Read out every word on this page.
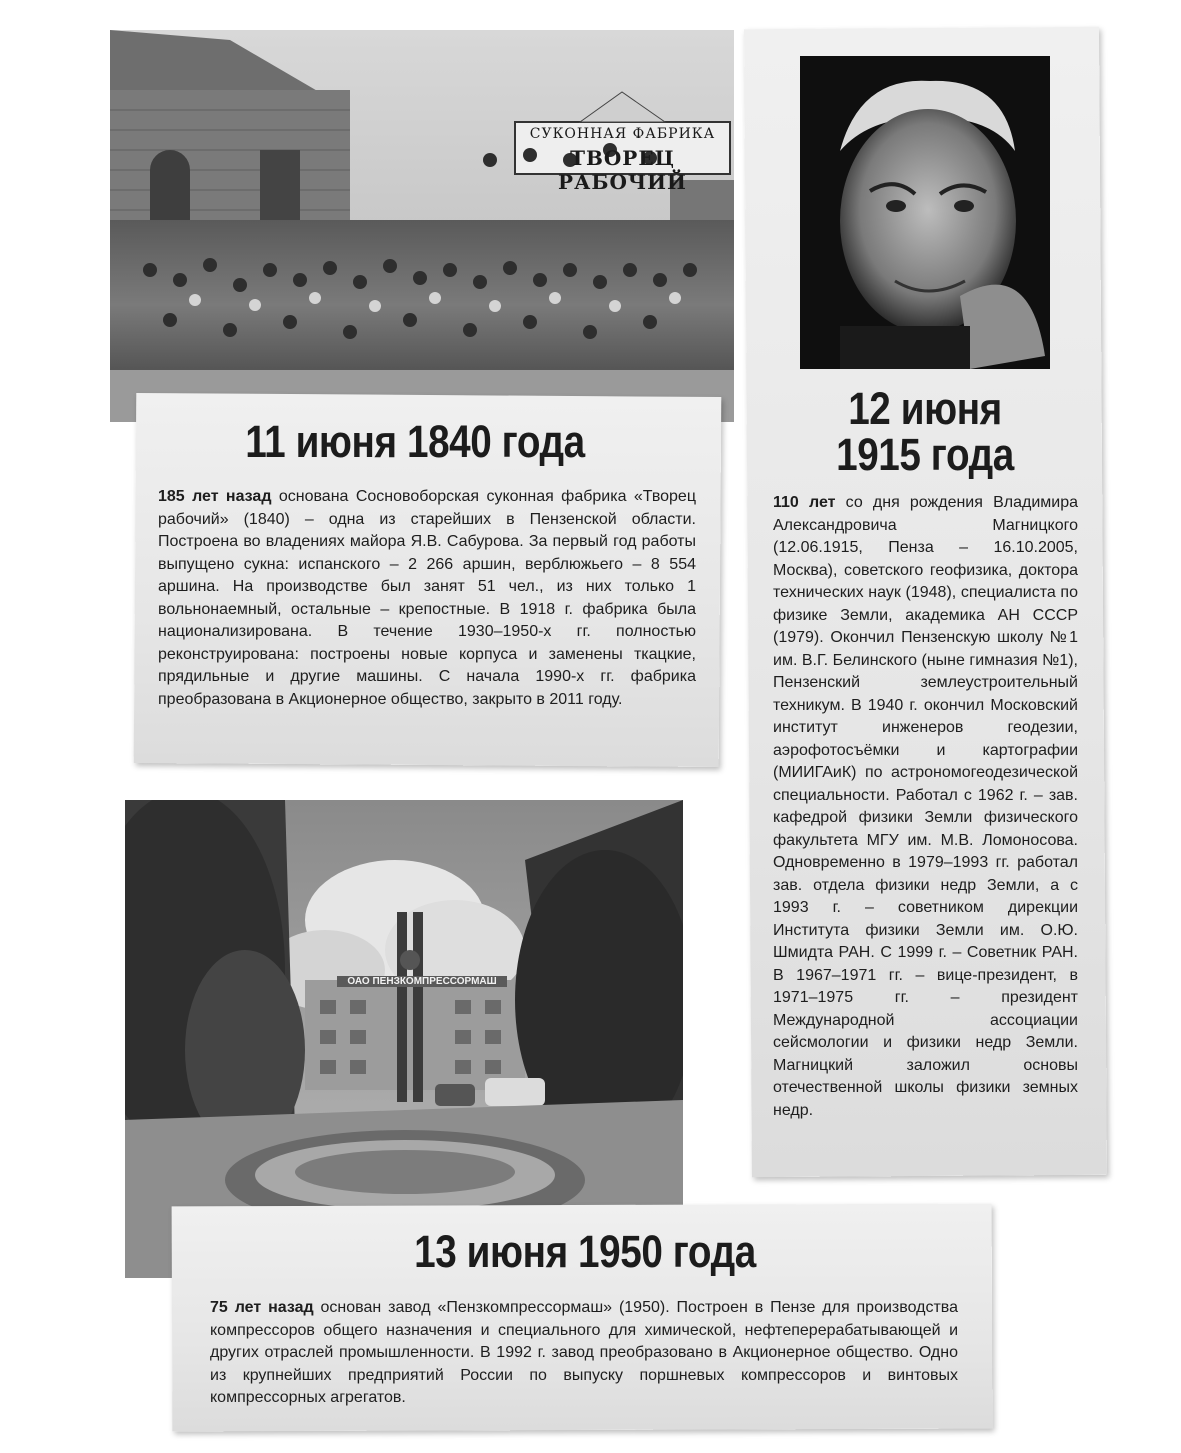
СУКОННАЯ ФАБРИКА
ТВОРЕЦ РАБОЧИЙ
11 июня 1840 года
185 лет назад основана Сосновоборская суконная фабрика «Творец рабочий» (1840) – одна из старейших в Пензенской области. Построена во владениях майора Я.В. Сабурова. За первый год работы выпущено сукна: испанского – 2 266 аршин, верблюжьего – 8 554 аршина. На производстве был занят 51 чел., из них только 1 вольнонаемный, остальные – крепостные. В 1918 г. фабрика была национализирована. В течение 1930–1950-х гг. полностью реконструирована: построены новые корпуса и заменены ткацкие, прядильные и другие машины. С начала 1990-х гг. фабрика преобразована в Акционерное общество, закрыто в 2011 году.
12 июня
1915 года
110 лет со дня рождения Владимира Александровича Магницкого (12.06.1915, Пенза – 16.10.2005, Москва), советского геофизика, доктора технических наук (1948), специалиста по физике Земли, академика АН СССР (1979). Окончил Пензенскую школу №1 им. В.Г. Белинского (ныне гимназия №1), Пензенский землеустроительный техникум. В 1940 г. окончил Московский институт инженеров геодезии, аэрофотосъёмки и картографии (МИИГАиК) по астрономогеодезической специальности. Работал с 1962 г. – зав. кафедрой физики Земли физического факультета МГУ им. М.В. Ломоносова. Одновременно в 1979–1993 гг. работал зав. отдела физики недр Земли, а с 1993 г. – советником дирекции Института физики Земли им. О.Ю. Шмидта РАН. С 1999 г. – Советник РАН. В 1967–1971 гг. – вице-президент, в 1971–1975 гг. – президент Международной ассоциации сейсмологии и физики недр Земли. Магницкий заложил основы отечественной школы физики земных недр.
ОАО ПЕНЗКОМПРЕССОРМАШ
13 июня 1950 года
75 лет назад основан завод «Пензкомпрессормаш» (1950). Построен в Пензе для производства компрессоров общего назначения и специального для химической, нефтеперерабатывающей и других отраслей промышленности. В 1992 г. завод преобразовано в Акционерное общество. Одно из крупнейших предприятий России по выпуску поршневых компрессоров и винтовых компрессорных агрегатов.
